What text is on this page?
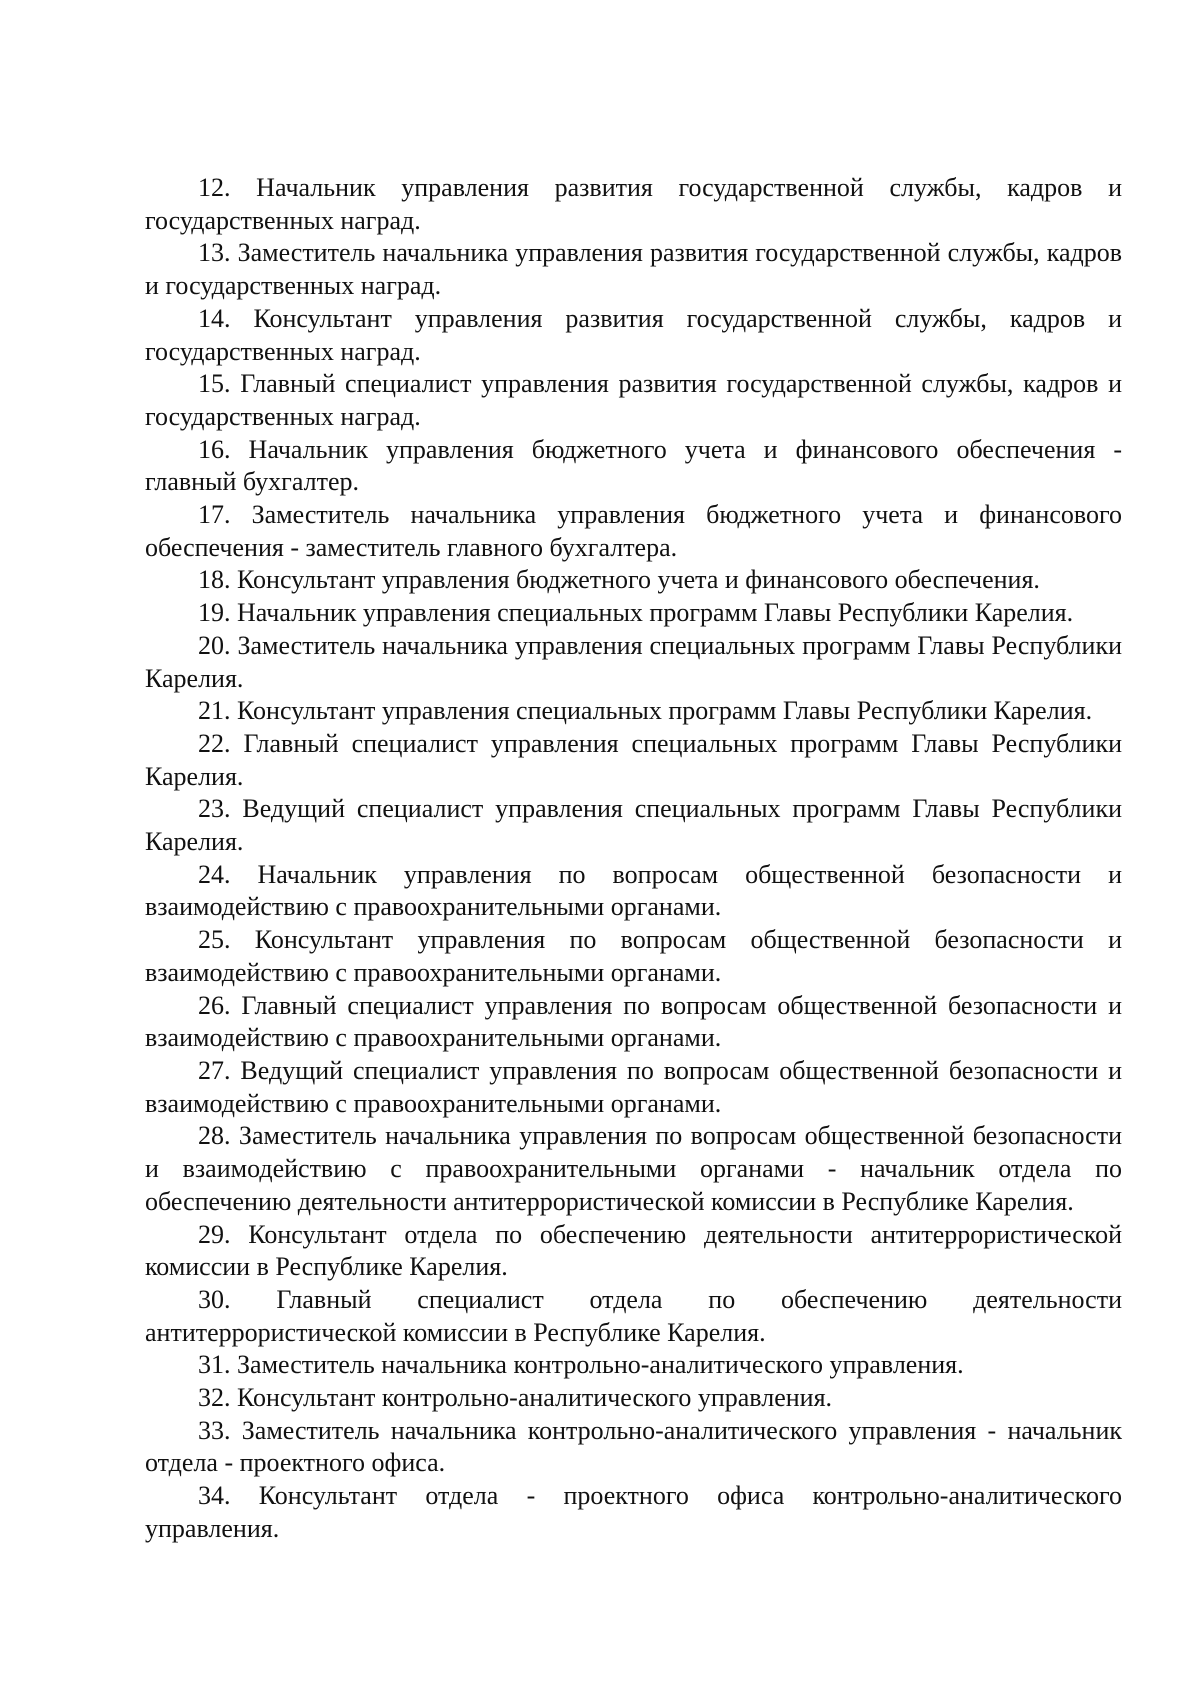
12. Начальник управления развития государственной службы, кадров и государственных наград.

13. Заместитель начальника управления развития государственной службы, кадров и государственных наград.

14. Консультант управления развития государственной службы, кадров и государственных наград.

15. Главный специалист управления развития государственной службы, кадров и государственных наград.

16. Начальник управления бюджетного учета и финансового обеспечения - главный бухгалтер.

17. Заместитель начальника управления бюджетного учета и финансового обеспечения - заместитель главного бухгалтера.

18. Консультант управления бюджетного учета и финансового обеспечения.

19. Начальник управления специальных программ Главы Республики Карелия.

20. Заместитель начальника управления специальных программ Главы Республики Карелия.

21. Консультант управления специальных программ Главы Республики Карелия.

22. Главный специалист управления специальных программ Главы Республики Карелия.

23. Ведущий специалист управления специальных программ Главы Республики Карелия.

24. Начальник управления по вопросам общественной безопасности и взаимодействию с правоохранительными органами.

25. Консультант управления по вопросам общественной безопасности и взаимодействию с правоохранительными органами.

26. Главный специалист управления по вопросам общественной безопасности и взаимодействию с правоохранительными органами.

27. Ведущий специалист управления по вопросам общественной безопасности и взаимодействию с правоохранительными органами.

28. Заместитель начальника управления по вопросам общественной безопасности и взаимодействию с правоохранительными органами - начальник отдела по обеспечению деятельности антитеррористической комиссии в Республике Карелия.

29. Консультант отдела по обеспечению деятельности антитеррористической комиссии в Республике Карелия.

30. Главный специалист отдела по обеспечению деятельности антитеррористической комиссии в Республике Карелия.

31. Заместитель начальника контрольно-аналитического управления.

32. Консультант контрольно-аналитического управления.

33. Заместитель начальника контрольно-аналитического управления - начальник отдела - проектного офиса.

34. Консультант отдела - проектного офиса контрольно-аналитического управления.
